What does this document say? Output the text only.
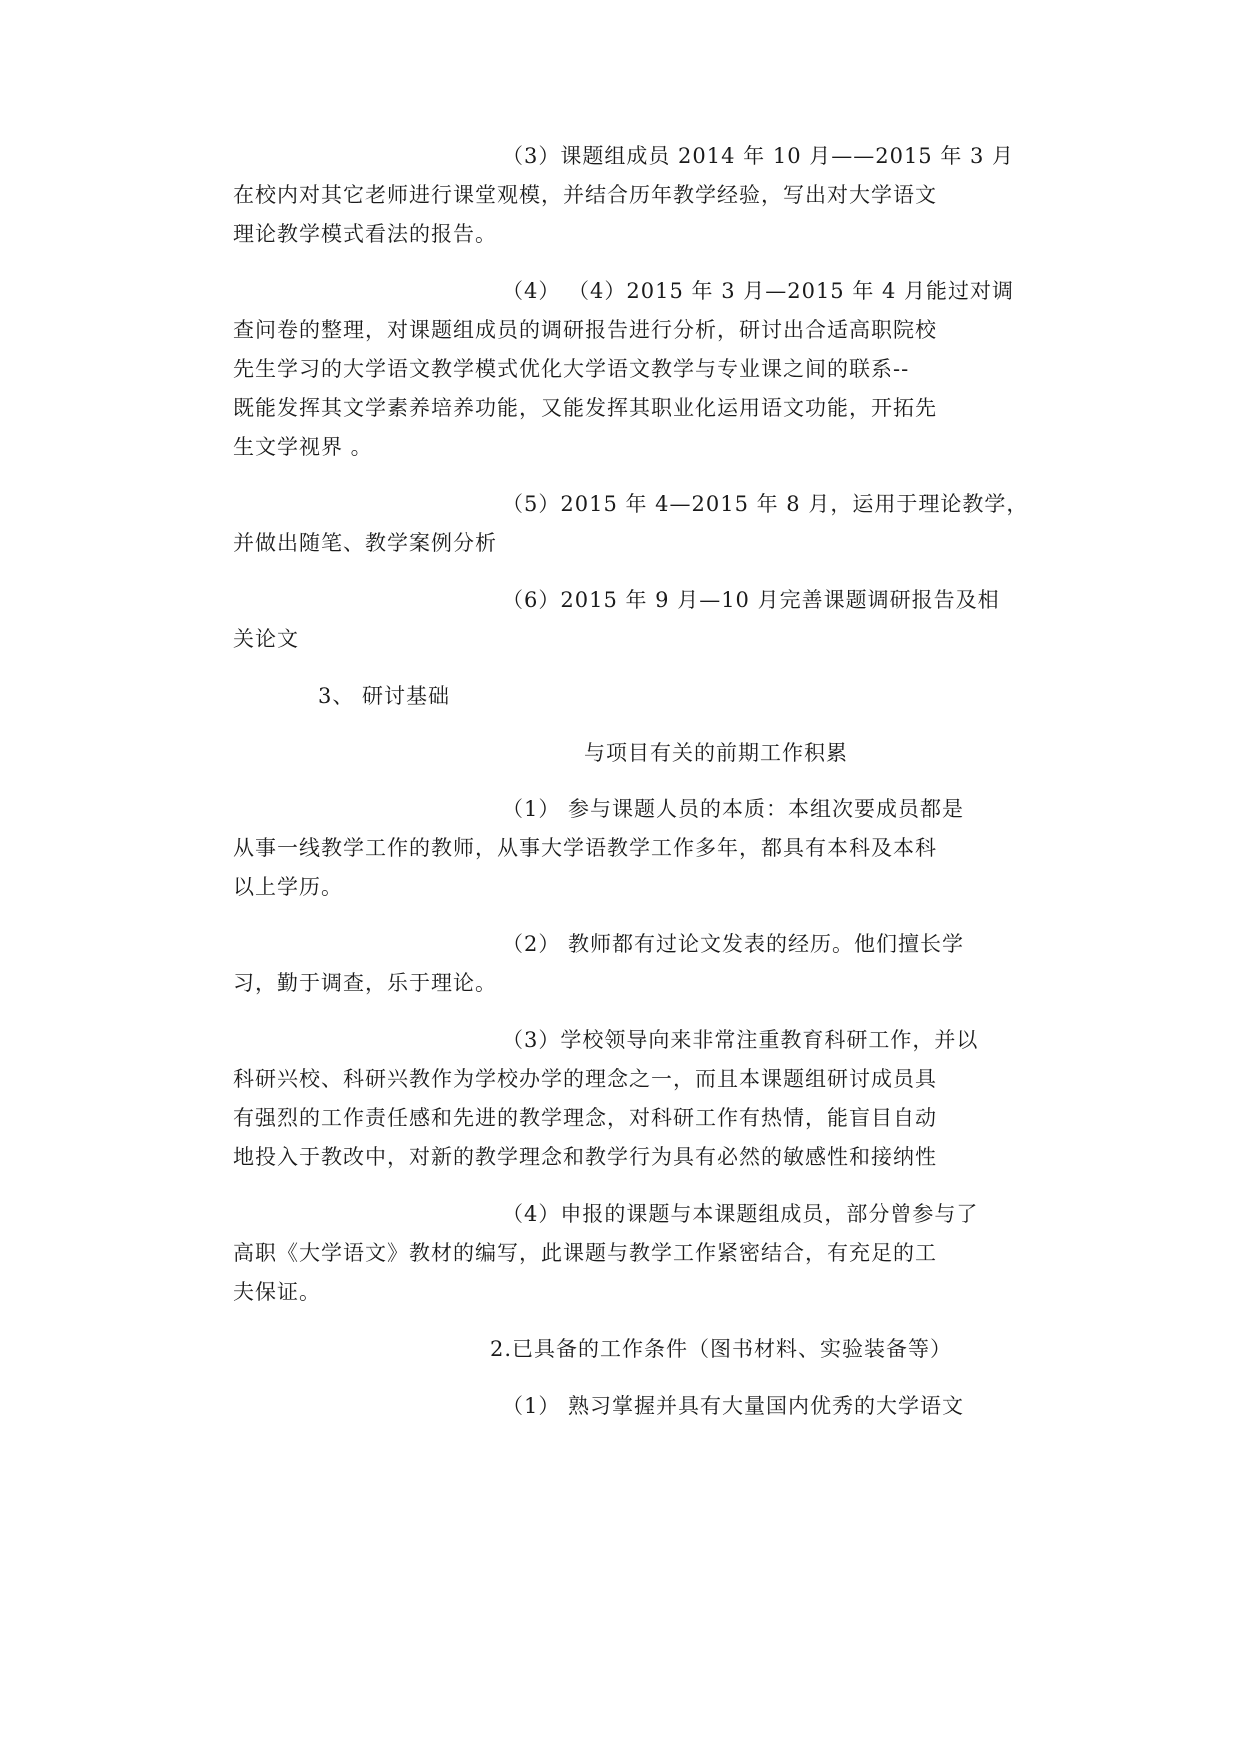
（3）课题组成员 2014 年 10 月——2015 年 3 月
在校内对其它老师进行课堂观模，并结合历年教学经验，写出对大学语文
理论教学模式看法的报告。
（4） （4）2015 年 3 月—2015 年 4 月能过对调
查问卷的整理，对课题组成员的调研报告进行分析，研讨出合适高职院校
先生学习的大学语文教学模式优化大学语文教学与专业课之间的联系--
既能发挥其文学素养培养功能，又能发挥其职业化运用语文功能，开拓先
生文学视界 。
（5）2015 年 4—2015 年 8 月，运用于理论教学，
并做出随笔、教学案例分析
（6）2015 年 9 月—10 月完善课题调研报告及相
关论文
3、 研讨基础
与项目有关的前期工作积累
（1） 参与课题人员的本质：本组次要成员都是
从事一线教学工作的教师，从事大学语教学工作多年，都具有本科及本科
以上学历。
（2） 教师都有过论文发表的经历。他们擅长学
习，勤于调查，乐于理论。
（3）学校领导向来非常注重教育科研工作，并以
科研兴校、科研兴教作为学校办学的理念之一，而且本课题组研讨成员具
有强烈的工作责任感和先进的教学理念，对科研工作有热情，能盲目自动
地投入于教改中，对新的教学理念和教学行为具有必然的敏感性和接纳性
（4）申报的课题与本课题组成员，部分曾参与了
高职《大学语文》教材的编写，此课题与教学工作紧密结合，有充足的工
夫保证。
2.已具备的工作条件（图书材料、实验装备等）
（1） 熟习掌握并具有大量国内优秀的大学语文
